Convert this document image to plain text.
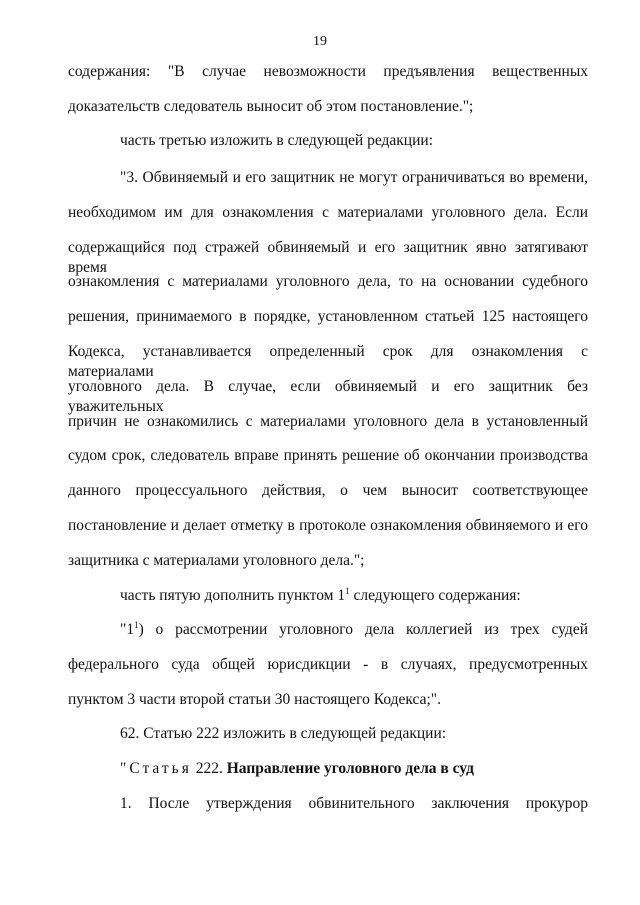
19
содержания: "В случае невозможности предъявления вещественных
доказательств следователь выносит об этом постановление.";
часть третью изложить в следующей редакции:
"3. Обвиняемый и его защитник не могут ограничиваться во времени,
необходимом им для ознакомления с материалами уголовного дела. Если
содержащийся под стражей обвиняемый и его защитник явно затягивают время
ознакомления с материалами уголовного дела, то на основании судебного
решения, принимаемого в порядке, установленном статьей 125 настоящего
Кодекса, устанавливается определенный срок для ознакомления с материалами
уголовного дела. В случае, если обвиняемый и его защитник без уважительных
причин не ознакомились с материалами уголовного дела в установленный
судом срок, следователь вправе принять решение об окончании производства
данного процессуального действия, о чем выносит соответствующее
постановление и делает отметку в протоколе ознакомления обвиняемого и его
защитника с материалами уголовного дела.";
часть пятую дополнить пунктом $1^1$ следующего содержания:
"$1^1$) о рассмотрении уголовного дела коллегией из трех судей
федерального суда общей юрисдикции - в случаях, предусмотренных
пунктом 3 части второй статьи 30 настоящего Кодекса;".
62. Статью 222 изложить в следующей редакции:
"Статья 222. Направление уголовного дела в суд
1. После утверждения обвинительного заключения прокурор
